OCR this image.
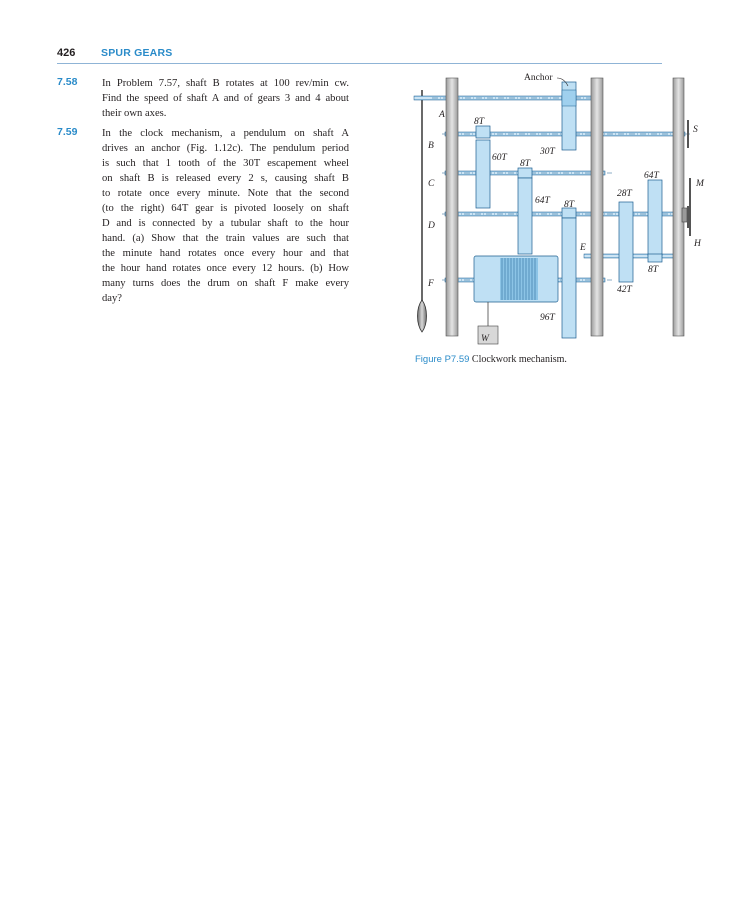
426 SPUR GEARS
7.58 In Problem 7.57, shaft B rotates at 100 rev/min cw.
Find the speed of shaft A and of gears 3 and 4 about
their own axes.
7.59 In the clock mechanism, a pendulum on shaft A
drives an anchor (Fig. 1.12c). The pendulum period
is such that 1 tooth of the 30T escapement wheel
on shaft B is released every 2 s, causing shaft B
to rotate once every minute. Note that the second
(to the right) 64T gear is pivoted loosely on shaft
D and is connected by a tubular shaft to the hour
hand. (a) Show that the train values are such that
the minute hand rotates once every hour and that
the hour hand rotates once every 12 hours. (b) How
many turns does the drum on shaft F make every
day?
Anchor
A
B
C
D
F
E
S
M
H
W
8T
60T
30T
8T
64T 8T
28T
64T
8T
42T
96T
Figure P7.59 Clockwork mechanism.
